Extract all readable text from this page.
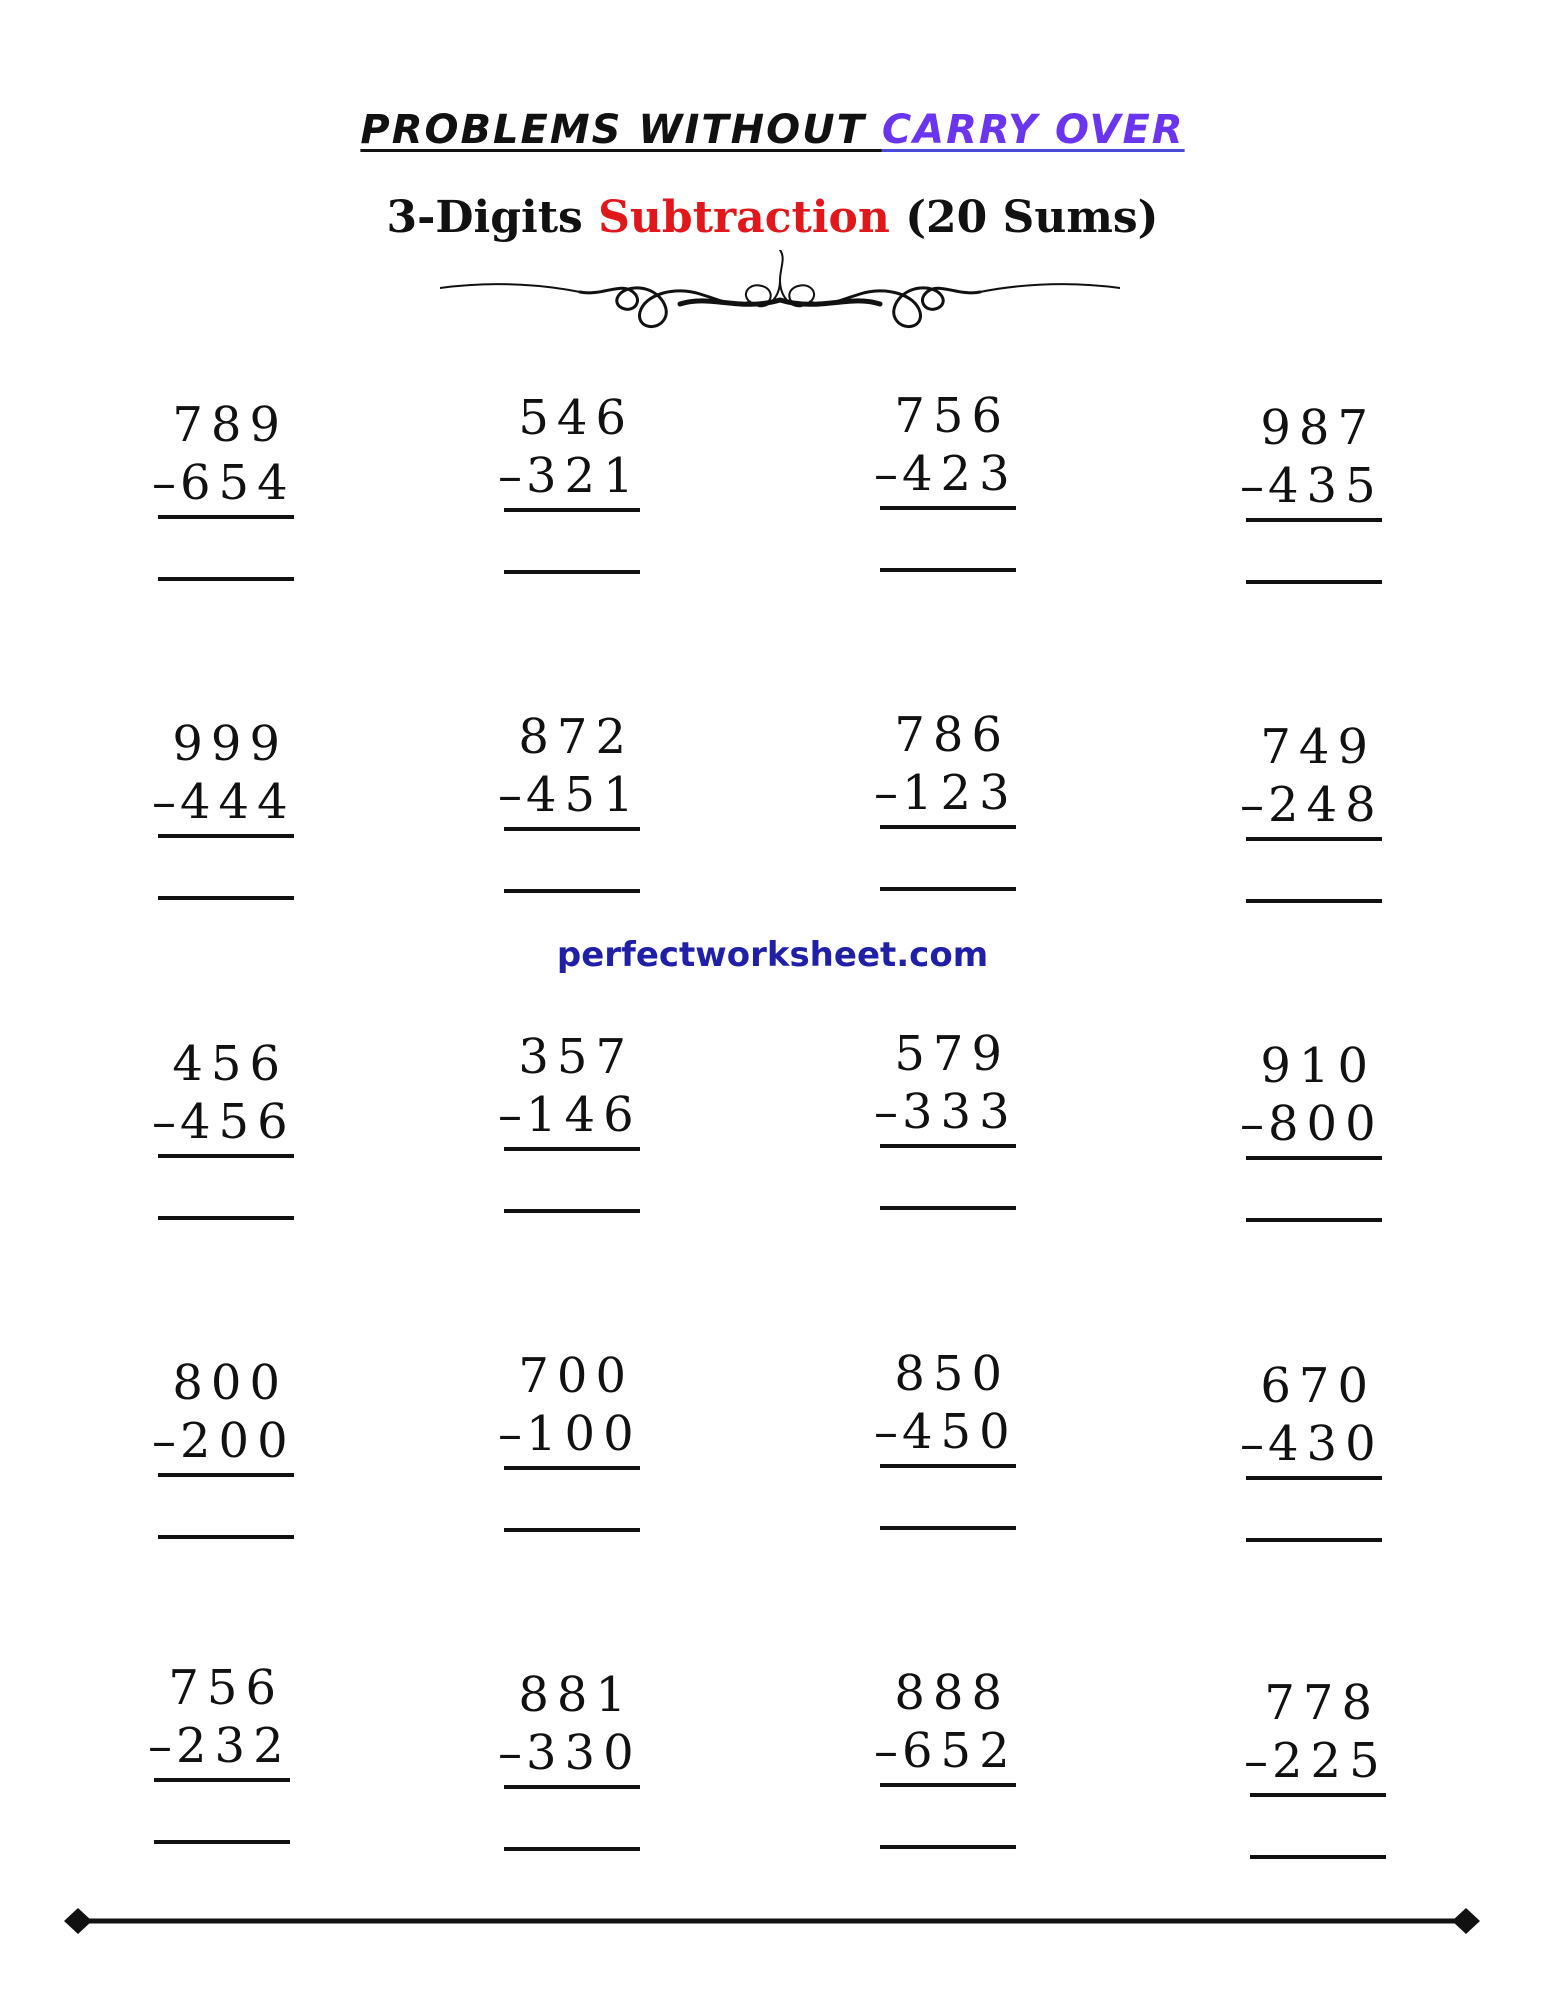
PROBLEMS WITHOUT CARRY OVER
3-Digits Subtraction (20 Sums)
789
–654
546
–321
756
–423
987
–435
999
–444
872
–451
786
–123
749
–248
456
–456
357
–146
579
–333
910
–800
800
–200
700
–100
850
–450
670
–430
756
–232
881
–330
888
–652
778
–225
perfectworksheet.com
